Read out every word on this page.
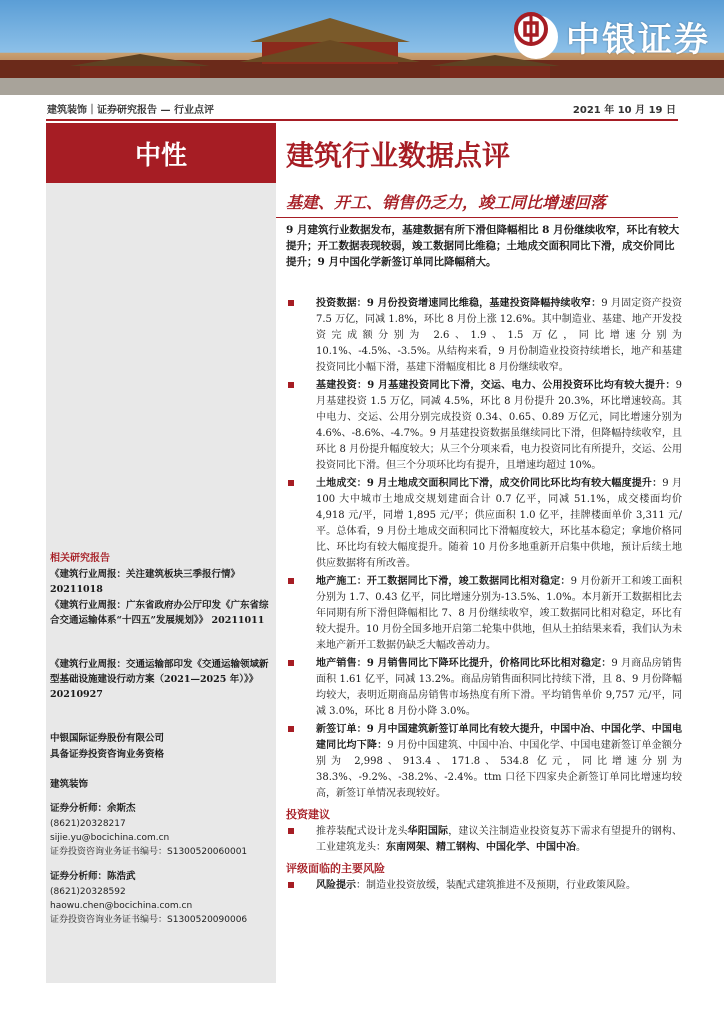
中银证券
建筑装饰｜证券研究报告 — 行业点评	2021 年 10 月 19 日
中性	建筑行业数据点评
基建、开工、销售仍乏力，竣工同比增速回落
9 月建筑行业数据发布，基建数据有所下滑但降幅相比 8 月份继续收窄，环比有较大提升；开工数据表现较弱，竣工数据同比维稳；土地成交面积同比下滑，成交价同比提升；9 月中国化学新签订单同比降幅稍大。
投资数据：9 月份投资增速同比维稳，基建投资降幅持续收窄：9 月固定资产投资 7.5 万亿，同减 1.8%，环比 8 月份上涨 12.6%。其中制造业、基建、地产开发投资完成额分别为 2.6、1.9、1.5 万亿，同比增速分别为 10.1%、-4.5%、-3.5%。从结构来看，9 月份制造业投资持续增长，地产和基建投资同比小幅下滑，基建下滑幅度相比 8 月份继续收窄。
基建投资：9 月基建投资同比下滑，交运、电力、公用投资环比均有较大提升：9 月基建投资 1.5 万亿，同减 4.5%，环比 8 月份提升 20.3%，环比增速较高。其中电力、交运、公用分别完成投资 0.34、0.65、0.89 万亿元，同比增速分别为 4.6%、-8.6%、-4.7%。9 月基建投资数据虽继续同比下滑，但降幅持续收窄，且环比 8 月份提升幅度较大；从三个分项来看，电力投资同比有所提升，交运、公用投资同比下滑。但三个分项环比均有提升，且增速均超过 10%。
土地成交：9 月土地成交面积同比下滑，成交价同比环比均有较大幅度提升：9 月 100 大中城市土地成交规划建面合计 0.7 亿平，同减 51.1%，成交楼面均价 4,918 元/平，同增 1,895 元/平；供应面积 1.0 亿平，挂牌楼面单价 3,311 元/平。总体看，9 月份土地成交面积同比下滑幅度较大，环比基本稳定；拿地价格同比、环比均有较大幅度提升。随着 10 月份多地重新开启集中供地，预计后续土地供应数据将有所改善。
地产施工：开工数据同比下滑，竣工数据同比相对稳定：9 月份新开工和竣工面积分别为 1.7、0.43 亿平，同比增速分别为-13.5%、1.0%。本月新开工数据相比去年同期有所下滑但降幅相比 7、8 月份继续收窄，竣工数据同比相对稳定，环比有较大提升。10 月份全国多地开启第二轮集中供地，但从土拍结果来看，我们认为未来地产新开工数据仍缺乏大幅改善动力。
地产销售：9 月销售同比下降环比提升，价格同比环比相对稳定：9 月商品房销售面积 1.61 亿平，同减 13.2%。商品房销售面积同比持续下滑，且 8、9 月份降幅均较大，表明近期商品房销售市场热度有所下滑。平均销售单价 9,757 元/平，同减 3.0%，环比 8 月份小降 3.0%。
新签订单：9 月中国建筑新签订单同比有较大提升，中国中冶、中国化学、中国电建同比均下降：9 月份中国建筑、中国中冶、中国化学、中国电建新签订单金额分别为 2,998、913.4、171.8、534.8 亿元，同比增速分别为 38.3%、-9.2%、-38.2%、-2.4%。ttm 口径下四家央企新签订单同比增速均较高，新签订单情况表现较好。
投资建议
推荐装配式设计龙头华阳国际，建议关注制造业投资复苏下需求有望提升的钢构、工业建筑龙头：东南网架、精工钢构、中国化学、中国中冶。
评级面临的主要风险
风险提示：制造业投资放缓，装配式建筑推进不及预期，行业政策风险。
相关研究报告
《建筑行业周报：关注建筑板块三季报行情》 20211018
《建筑行业周报：广东省政府办公厅印发《广东省综合交通运输体系“十四五”发展规划》》 20211011
《建筑行业周报：交通运输部印发《交通运输领域新型基础设施建设行动方案（2021—2025 年）》》 20210927
中银国际证券股份有限公司
具备证券投资咨询业务资格
建筑装饰
证券分析师：余斯杰
(8621)20328217
sijie.yu@bocichina.com.cn
证券投资咨询业务证书编号：S1300520060001
证券分析师：陈浩武
(8621)20328592
haowu.chen@bocichina.com.cn
证券投资咨询业务证书编号：S1300520090006
